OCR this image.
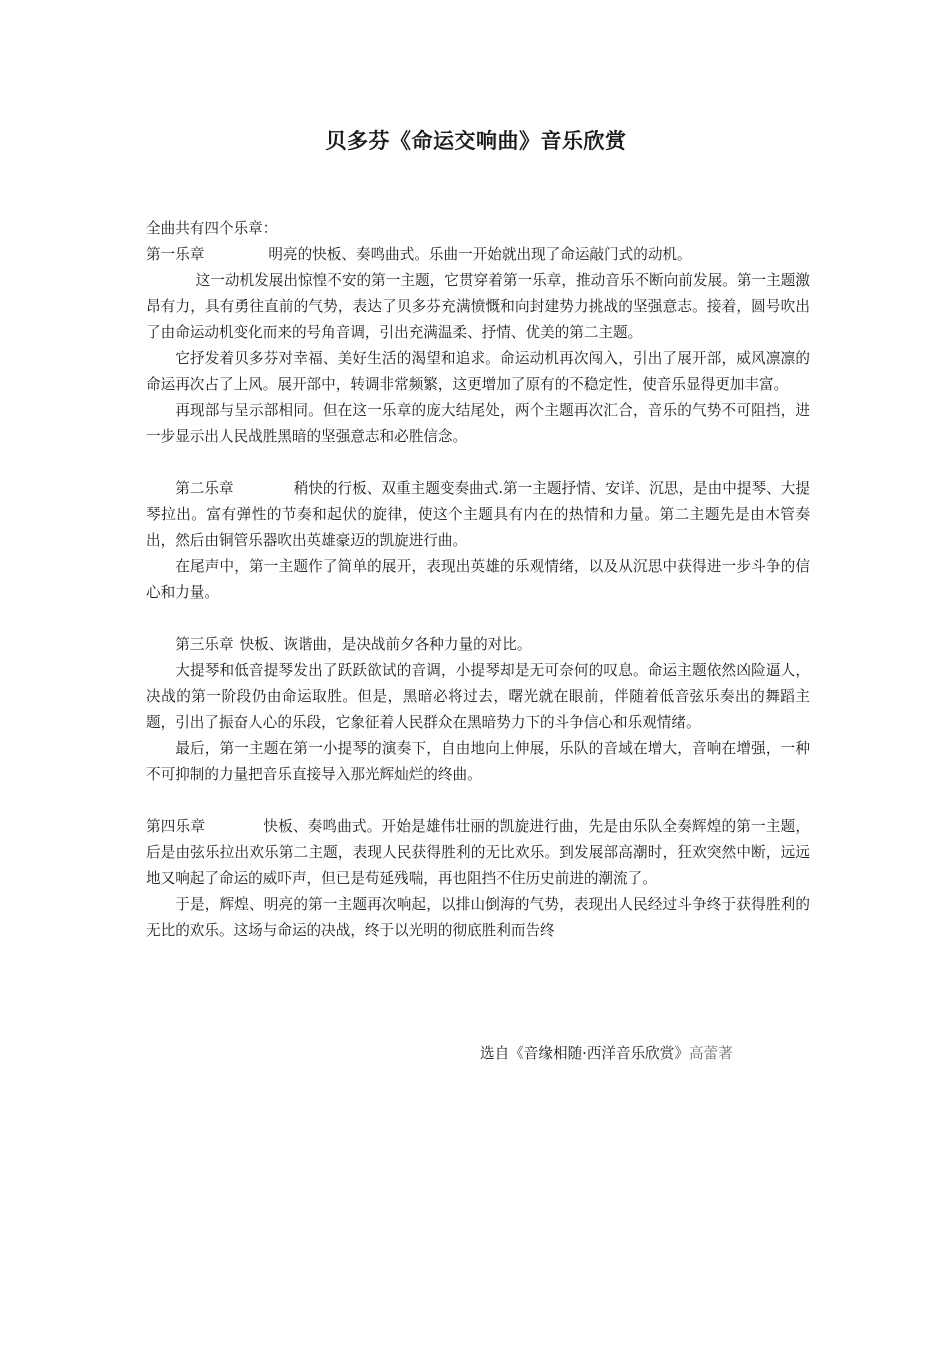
贝多芬《命运交响曲》音乐欣赏

全曲共有四个乐章：

第一乐章	明亮的快板、奏鸣曲式。乐曲一开始就出现了命运敲门式的动机。

这一动机发展出惊惶不安的第一主题，它贯穿着第一乐章，推动音乐不断向前发展。第一主题激昂有力，具有勇往直前的气势，表达了贝多芬充满愤慨和向封建势力挑战的坚强意志。接着，圆号吹出了由命运动机变化而来的号角音调，引出充满温柔、抒情、优美的第二主题。

它抒发着贝多芬对幸福、美好生活的渴望和追求。命运动机再次闯入，引出了展开部，威风凛凛的命运再次占了上风。展开部中，转调非常频繁，这更增加了原有的不稳定性，使音乐显得更加丰富。

再现部与呈示部相同。但在这一乐章的庞大结尾处，两个主题再次汇合，音乐的气势不可阻挡，进一步显示出人民战胜黑暗的坚强意志和必胜信念。

第二乐章	稍快的行板、双重主题变奏曲式.第一主题抒情、安详、沉思，是由中提琴、大提琴拉出。富有弹性的节奏和起伏的旋律，使这个主题具有内在的热情和力量。第二主题先是由木管奏出，然后由铜管乐器吹出英雄豪迈的凯旋进行曲。

在尾声中，第一主题作了简单的展开，表现出英雄的乐观情绪，以及从沉思中获得进一步斗争的信心和力量。

第三乐章 快板、诙谐曲，是决战前夕各种力量的对比。

大提琴和低音提琴发出了跃跃欲试的音调，小提琴却是无可奈何的叹息。命运主题依然凶险逼人，决战的第一阶段仍由命运取胜。但是，黑暗必将过去，曙光就在眼前，伴随着低音弦乐奏出的舞蹈主题，引出了振奋人心的乐段，它象征着人民群众在黑暗势力下的斗争信心和乐观情绪。

最后，第一主题在第一小提琴的演奏下，自由地向上伸展，乐队的音域在增大，音响在增强，一种不可抑制的力量把音乐直接导入那光辉灿烂的终曲。

第四乐章	快板、奏鸣曲式。开始是雄伟壮丽的凯旋进行曲，先是由乐队全奏辉煌的第一主题，后是由弦乐拉出欢乐第二主题，表现人民获得胜利的无比欢乐。到发展部高潮时，狂欢突然中断，远远地又响起了命运的威吓声，但已是苟延残喘，再也阻挡不住历史前进的潮流了。

于是，辉煌、明亮的第一主题再次响起，以排山倒海的气势，表现出人民经过斗争终于获得胜利的无比的欢乐。这场与命运的决战，终于以光明的彻底胜利而告终

选自《音缘相随·西洋音乐欣赏》高蕾著
